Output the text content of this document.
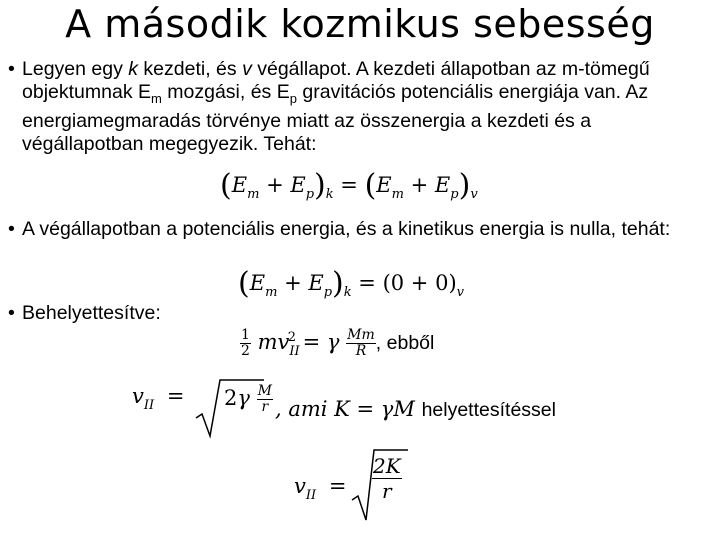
A második kozmikus sebesség
• Legyen egy k kezdeti, és v végállapot. A kezdeti állapotban az m-tömegű objektumnak $E_m$ mozgási, és $E_p$ gravitációs potenciális energiája van. Az energiamegmaradás törvénye miatt az összenergia a kezdeti és a végállapotban megegyezik. Tehát:
$(E_m + E_p)_k = (E_m + E_p)_v$
• A végállapotban a potenciális energia, és a kinetikus energia is nulla, tehát:
$(E_m + E_p)_k = (0 + 0)_v$
• Behelyettesítve:
$\frac{1}{2} mv_{II}^2 = \gamma \frac{Mm}{R}$ , ebből
$v_{II} = 2\gamma \frac{M}{r}$ , ami K = γM helyettesítéssel
$v_{II}$ =	$\frac{2K}{r}$
